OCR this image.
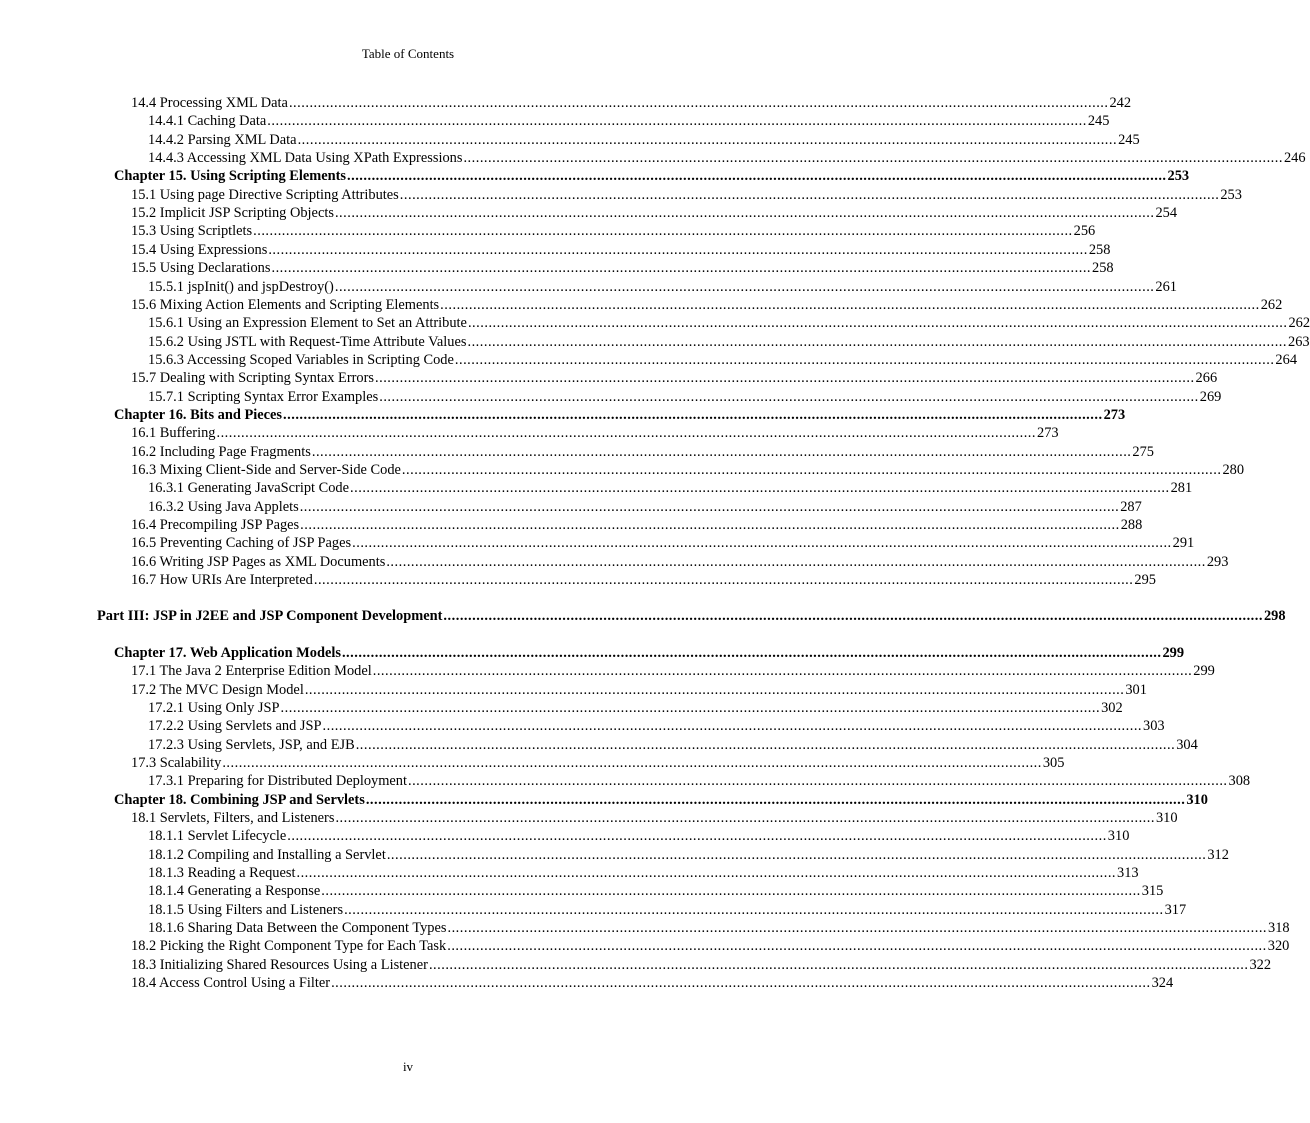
Table of Contents
14.4 Processing XML Data ........................................................................................................................................................................................................ 242
14.4.1 Caching Data ........................................................................................................................................................................................................ 245
14.4.2 Parsing XML Data ........................................................................................................................................................................................................ 245
14.4.3 Accessing XML Data Using XPath Expressions ........................................................................................................................................................................................................ 246
Chapter 15. Using Scripting Elements ........................................................................................................................................................................................................ 253
15.1 Using page Directive Scripting Attributes ........................................................................................................................................................................................................ 253
15.2 Implicit JSP Scripting Objects ........................................................................................................................................................................................................ 254
15.3 Using Scriptlets ........................................................................................................................................................................................................ 256
15.4 Using Expressions ........................................................................................................................................................................................................ 258
15.5 Using Declarations ........................................................................................................................................................................................................ 258
15.5.1 jspInit() and jspDestroy() ........................................................................................................................................................................................................ 261
15.6 Mixing Action Elements and Scripting Elements ........................................................................................................................................................................................................ 262
15.6.1 Using an Expression Element to Set an Attribute ........................................................................................................................................................................................................ 262
15.6.2 Using JSTL with Request-Time Attribute Values ........................................................................................................................................................................................................ 263
15.6.3 Accessing Scoped Variables in Scripting Code ........................................................................................................................................................................................................ 264
15.7 Dealing with Scripting Syntax Errors ........................................................................................................................................................................................................ 266
15.7.1 Scripting Syntax Error Examples ........................................................................................................................................................................................................ 269
Chapter 16. Bits and Pieces ........................................................................................................................................................................................................ 273
16.1 Buffering ........................................................................................................................................................................................................ 273
16.2 Including Page Fragments ........................................................................................................................................................................................................ 275
16.3 Mixing Client-Side and Server-Side Code ........................................................................................................................................................................................................ 280
16.3.1 Generating JavaScript Code ........................................................................................................................................................................................................ 281
16.3.2 Using Java Applets ........................................................................................................................................................................................................ 287
16.4 Precompiling JSP Pages ........................................................................................................................................................................................................ 288
16.5 Preventing Caching of JSP Pages ........................................................................................................................................................................................................ 291
16.6 Writing JSP Pages as XML Documents ........................................................................................................................................................................................................ 293
16.7 How URIs Are Interpreted ........................................................................................................................................................................................................ 295
Part III: JSP in J2EE and JSP Component Development ........................................................................................................................................................................................................ 298
Chapter 17. Web Application Models ........................................................................................................................................................................................................ 299
17.1 The Java 2 Enterprise Edition Model ........................................................................................................................................................................................................ 299
17.2 The MVC Design Model ........................................................................................................................................................................................................ 301
17.2.1 Using Only JSP ........................................................................................................................................................................................................ 302
17.2.2 Using Servlets and JSP ........................................................................................................................................................................................................ 303
17.2.3 Using Servlets, JSP, and EJB ........................................................................................................................................................................................................ 304
17.3 Scalability ........................................................................................................................................................................................................ 305
17.3.1 Preparing for Distributed Deployment ........................................................................................................................................................................................................ 308
Chapter 18. Combining JSP and Servlets ........................................................................................................................................................................................................ 310
18.1 Servlets, Filters, and Listeners ........................................................................................................................................................................................................ 310
18.1.1 Servlet Lifecycle ........................................................................................................................................................................................................ 310
18.1.2 Compiling and Installing a Servlet ........................................................................................................................................................................................................ 312
18.1.3 Reading a Request ........................................................................................................................................................................................................ 313
18.1.4 Generating a Response ........................................................................................................................................................................................................ 315
18.1.5 Using Filters and Listeners ........................................................................................................................................................................................................ 317
18.1.6 Sharing Data Between the Component Types ........................................................................................................................................................................................................ 318
18.2 Picking the Right Component Type for Each Task ........................................................................................................................................................................................................ 320
18.3 Initializing Shared Resources Using a Listener ........................................................................................................................................................................................................ 322
18.4 Access Control Using a Filter ........................................................................................................................................................................................................ 324
iv
